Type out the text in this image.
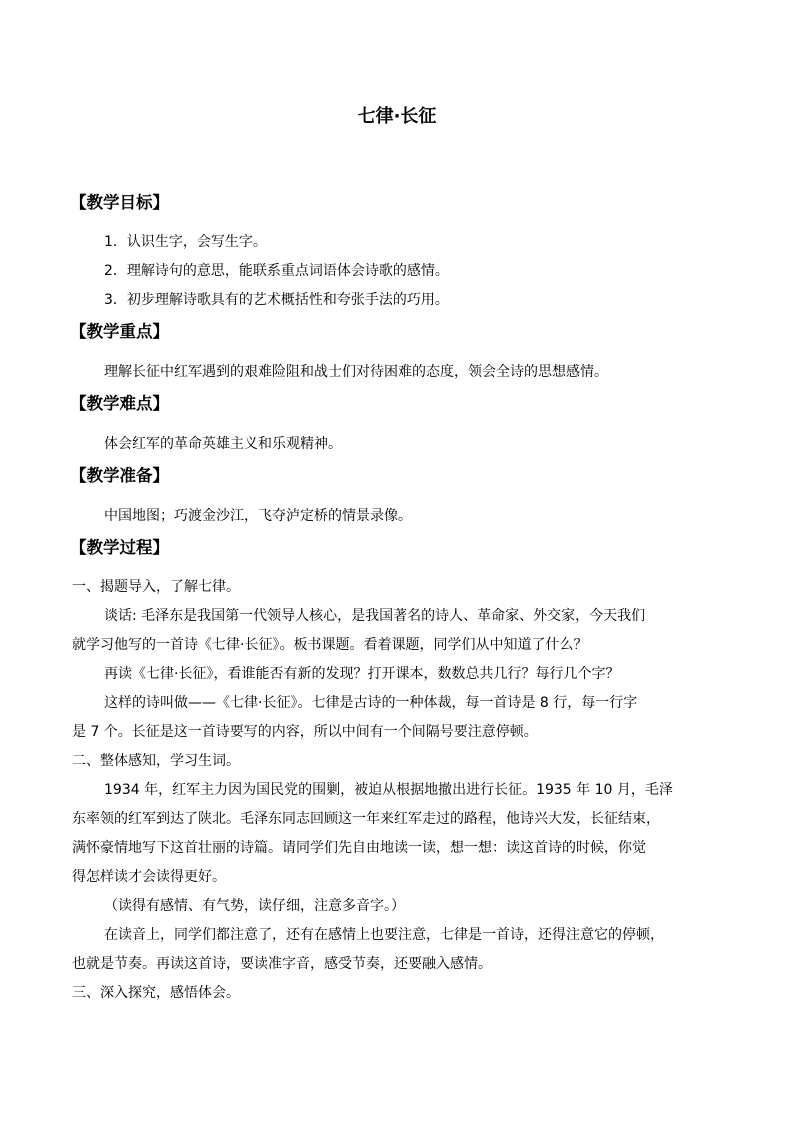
七律·长征
【教学目标】
1．认识生字，会写生字。
2．理解诗句的意思，能联系重点词语体会诗歌的感情。
3．初步理解诗歌具有的艺术概括性和夸张手法的巧用。
【教学重点】
理解长征中红军遇到的艰难险阻和战士们对待困难的态度，领会全诗的思想感情。
【教学难点】
体会红军的革命英雄主义和乐观精神。
【教学准备】
中国地图；巧渡金沙江，飞夺泸定桥的情景录像。
【教学过程】
一、揭题导入，了解七律。
谈话: 毛泽东是我国第一代领导人核心，是我国著名的诗人、革命家、外交家，今天我们
就学习他写的一首诗《七律·长征》。板书课题。看着课题，同学们从中知道了什么？
再读《七律·长征》，看谁能否有新的发现？打开课本，数数总共几行？每行几个字？
这样的诗叫做——《七律·长征》。七律是古诗的一种体裁，每一首诗是 8 行，每一行字
是 7 个。长征是这一首诗要写的内容，所以中间有一个间隔号要注意停顿。
二、整体感知，学习生词。
1934 年，红军主力因为国民党的围剿，被迫从根据地撤出进行长征。1935 年 10 月，毛泽
东率领的红军到达了陕北。毛泽东同志回顾这一年来红军走过的路程，他诗兴大发，长征结束，
满怀豪情地写下这首壮丽的诗篇。请同学们先自由地读一读，想一想：读这首诗的时候，你觉
得怎样读才会读得更好。
（读得有感情、有气势，读仔细，注意多音字。）
在读音上，同学们都注意了，还有在感情上也要注意，七律是一首诗，还得注意它的停顿，
也就是节奏。再读这首诗，要读准字音，感受节奏，还要融入感情。
三、深入探究，感悟体会。
